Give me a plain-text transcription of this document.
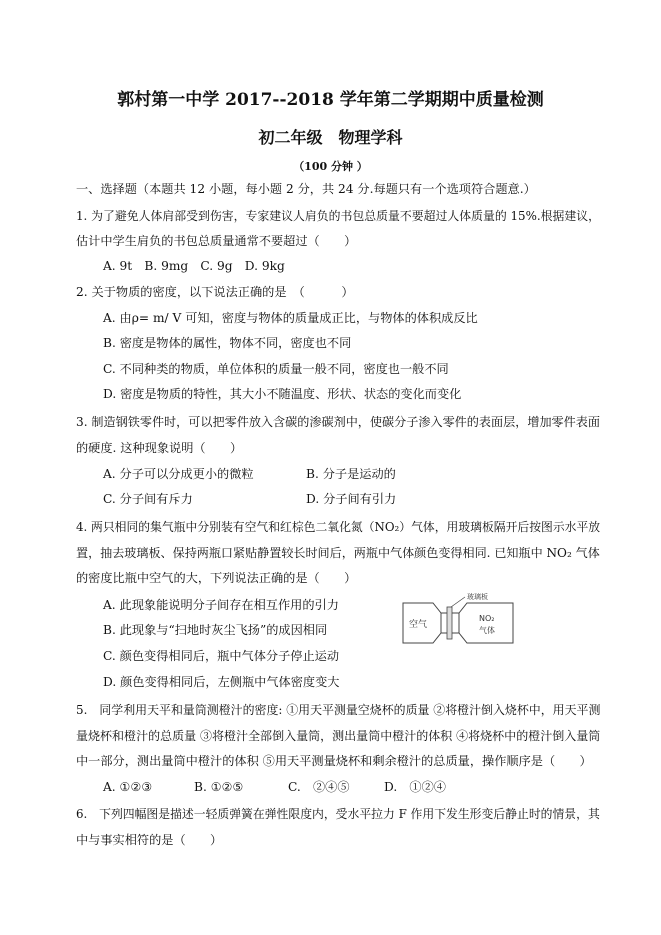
郭村第一中学 2017--2018 学年第二学期期中质量检测
初二年级　物理学科
（100 分钟 ）
一、选择题（本题共 12 小题，每小题 2 分，共 24 分.每题只有一个选项符合题意.）
1. 为了避免人体肩部受到伤害，专家建议人肩负的书包总质量不要超过人体质量的 15%.根据建议，
估计中学生肩负的书包总质量通常不要超过（　　）
A. 9t　B. 9mg　C. 9g　D. 9kg
2. 关于物质的密度，以下说法正确的是　（　　　）
A. 由ρ= m/ V 可知，密度与物体的质量成正比，与物体的体积成反比
B. 密度是物体的属性，物体不同，密度也不同
C. 不同种类的物质，单位体积的质量一般不同，密度也一般不同
D. 密度是物质的特性，其大小不随温度、形状、状态的变化而变化
3. 制造钢铁零件时，可以把零件放入含碳的渗碳剂中，使碳分子渗入零件的表面层，增加零件表面
的硬度. 这种现象说明（　　）
A. 分子可以分成更小的微粒	B. 分子是运动的
C. 分子间有斥力	D. 分子间有引力
4. 两只相同的集气瓶中分别装有空气和红棕色二氧化氮（NO₂）气体，用玻璃板隔开后按图示水平放
置，抽去玻璃板、保持两瓶口紧贴静置较长时间后，两瓶中气体颜色变得相同. 已知瓶中 NO₂ 气体
的密度比瓶中空气的大，下列说法正确的是（　　）
A. 此现象能说明分子间存在相互作用的引力
B. 此现象与“扫地时灰尘飞扬”的成因相同
C. 颜色变得相同后，瓶中气体分子停止运动
D. 颜色变得相同后，左侧瓶中气体密度变大
空气
玻璃板
NO₂
气体
5.　同学利用天平和量筒测橙汁的密度: ①用天平测量空烧杯的质量 ②将橙汁倒入烧杯中，用天平测
量烧杯和橙汁的总质量 ③将橙汁全部倒入量筒，测出量筒中橙汁的体积 ④将烧杯中的橙汁倒入量筒
中一部分，测出量筒中橙汁的体积 ⑤用天平测量烧杯和剩余橙汁的总质量，操作顺序是（　　）
A. ①②③	B. ①②⑤	C.　②④⑤	D.　①②④
6.　下列四幅图是描述一轻质弹簧在弹性限度内，受水平拉力 F 作用下发生形变后静止时的情景，其
中与事实相符的是（　　）
